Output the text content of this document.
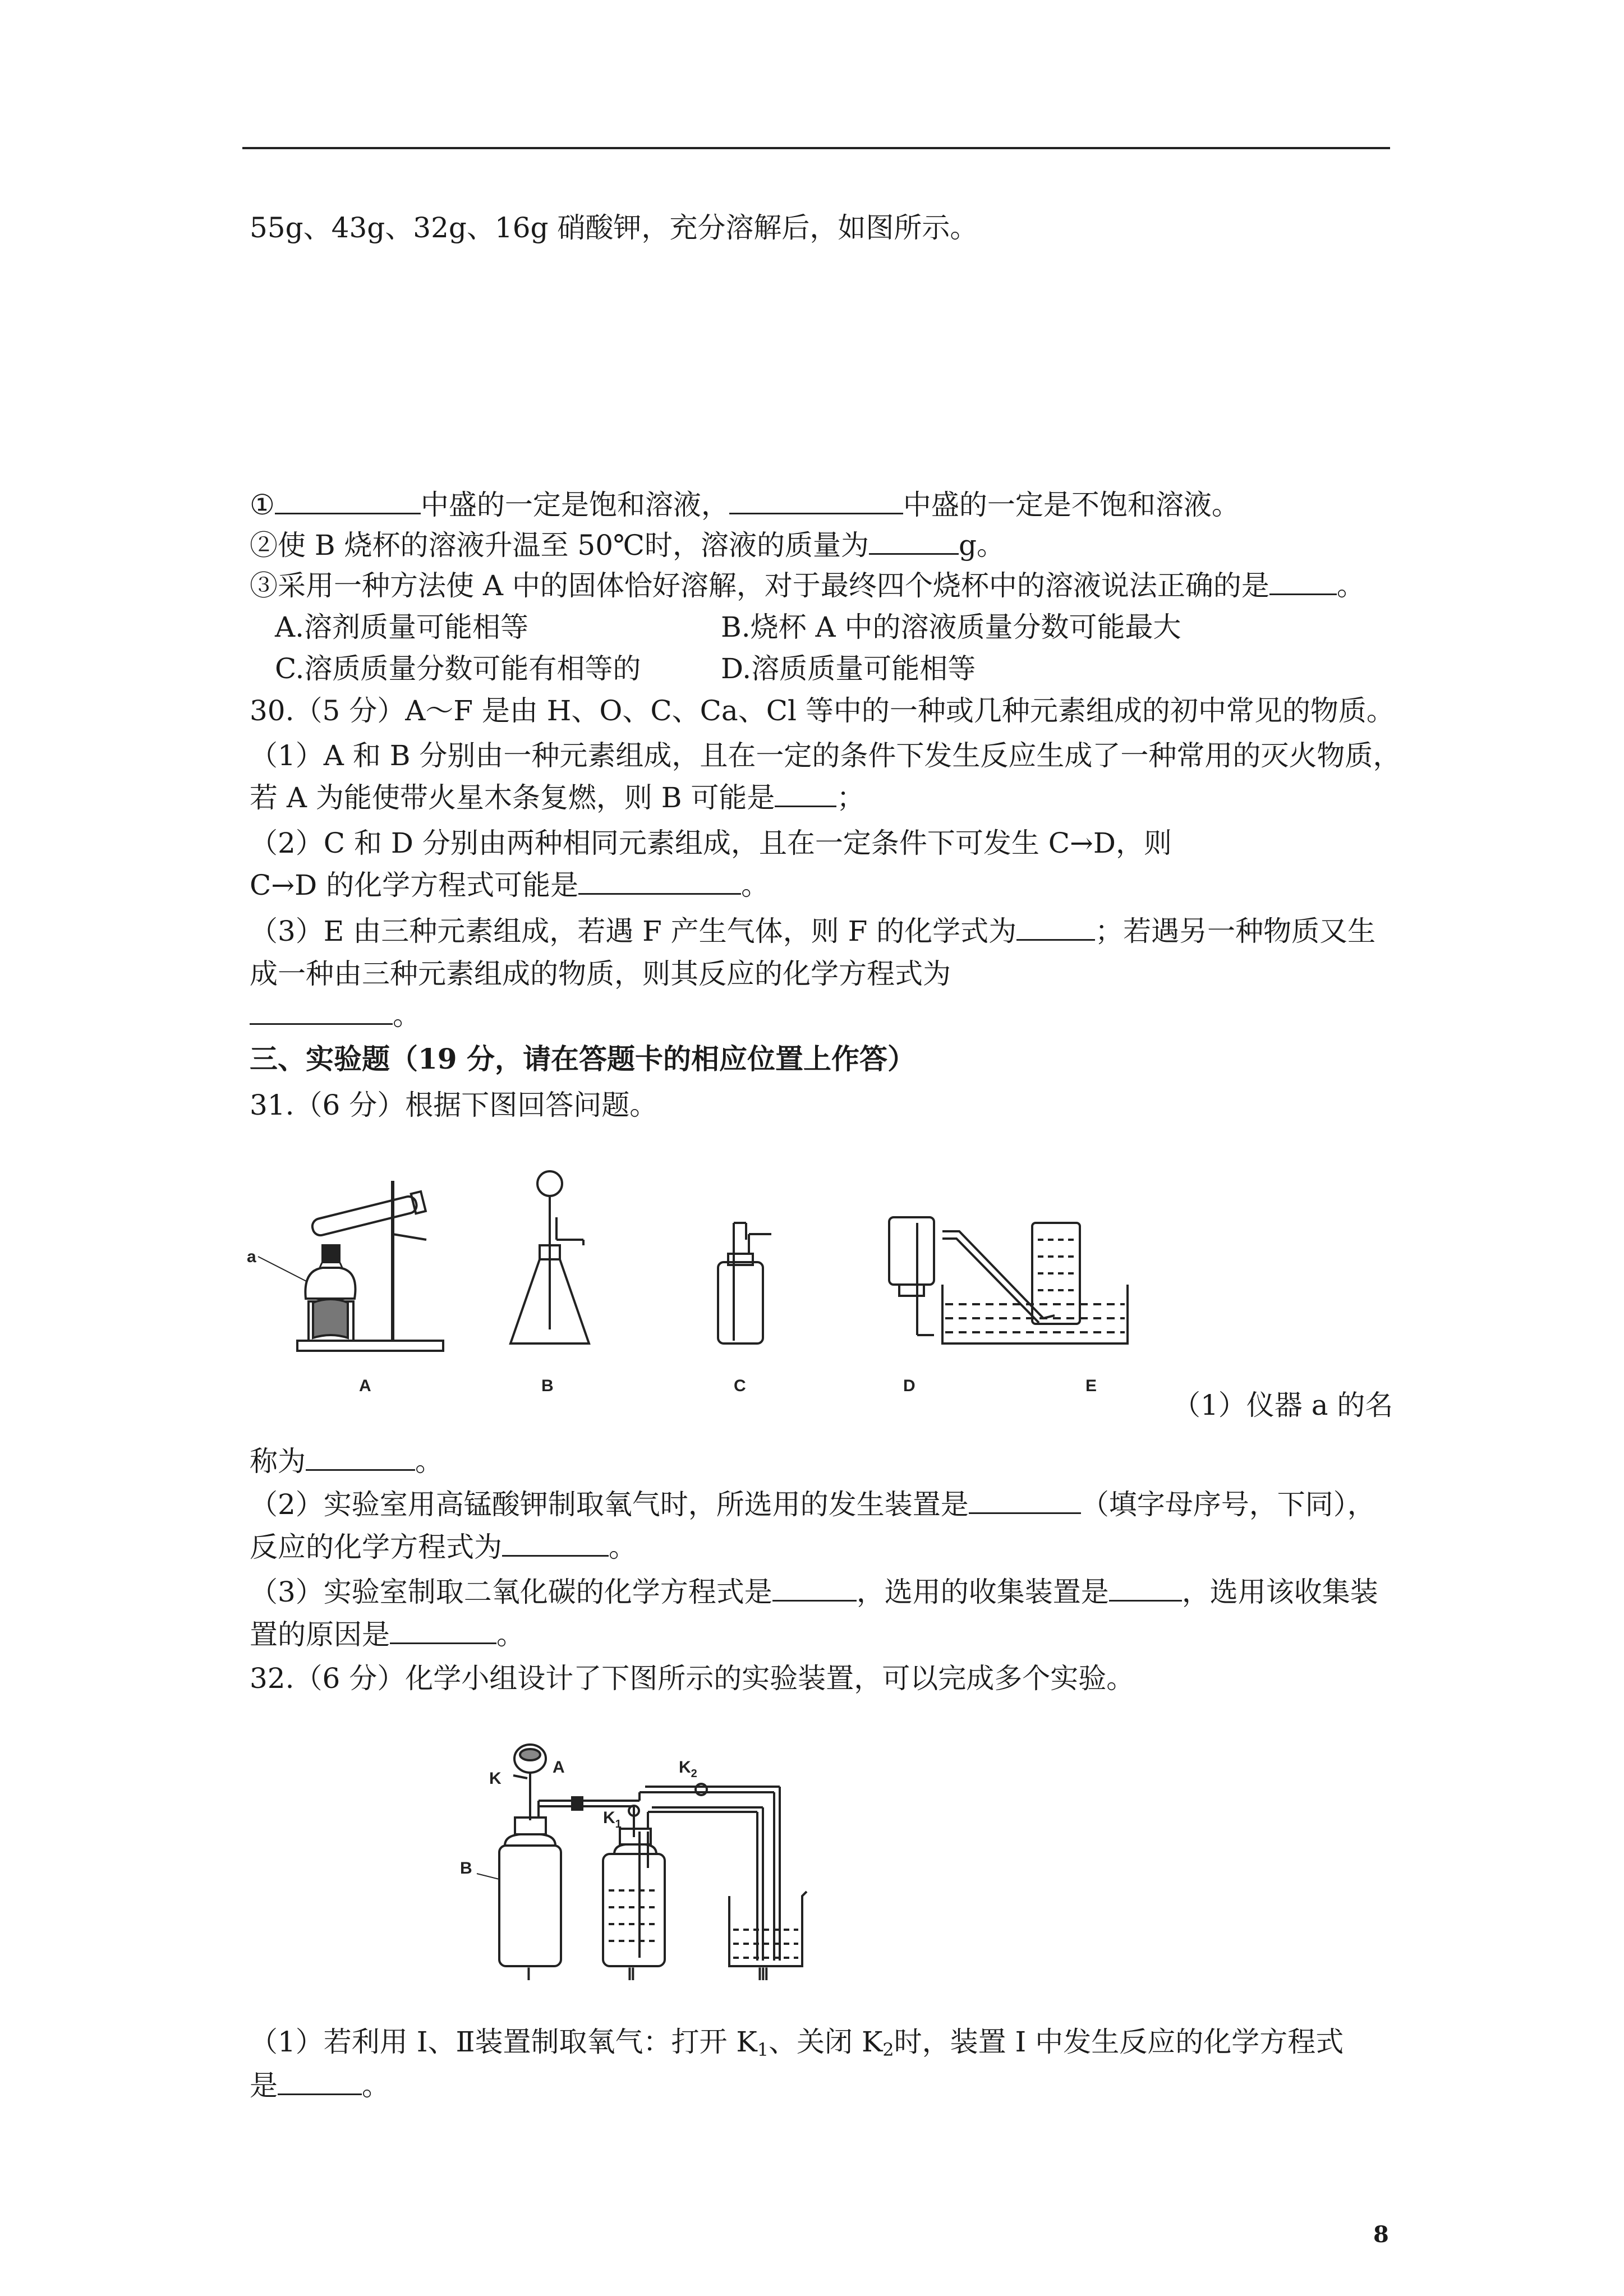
55g、43g、32g、16g 硝酸钾，充分溶解后，如图所示。
①	中盛的一定是饱和溶液，	中盛的一定是不饱和溶液。
②使 B 烧杯的溶液升温至 50℃时，溶液的质量为	g。
③采用一种方法使 A 中的固体恰好溶解，对于最终四个烧杯中的溶液说法正确的是 。
A.溶剂质量可能相等	B.烧杯 A 中的溶液质量分数可能最大
C.溶质质量分数可能有相等的	D.溶质质量可能相等
30.（5 分）A～F 是由 H、O、C、Ca、Cl 等中的一种或几种元素组成的初中常见的物质。
（1）A 和 B 分别由一种元素组成，且在一定的条件下发生反应生成了一种常用的灭火物质，
若 A 为能使带火星木条复燃，则 B 可能是 ；
（2）C 和 D 分别由两种相同元素组成，且在一定条件下可发生 C→D，则
C→D 的化学方程式可能是	。
（3）E 由三种元素组成，若遇 F 产生气体，则 F 的化学式为	；若遇另一种物质又生
成一种由三种元素组成的物质，则其反应的化学方程式为
。
三、实验题（19 分，请在答题卡的相应位置上作答）
31.（6 分）根据下图回答问题。
a
A	B	C	D	E
（1）仪器 a 的名
称为	。
（2）实验室用高锰酸钾制取氧气时，所选用的发生装置是	（填字母序号，下同），
反应的化学方程式为	。
（3）实验室制取二氧化碳的化学方程式是	，选用的收集装置是	，选用该收集装
置的原因是	。
32.（6 分）化学小组设计了下图所示的实验装置，可以完成多个实验。
K
A	$K_2$
$K_1$
B
Ⅰ	Ⅱ	Ⅲ
（1）若利用 Ⅰ、Ⅱ装置制取氧气：打开 $K_1$、关闭 $K_2$时，装置 Ⅰ 中发生反应的化学方程式
是	。
8
